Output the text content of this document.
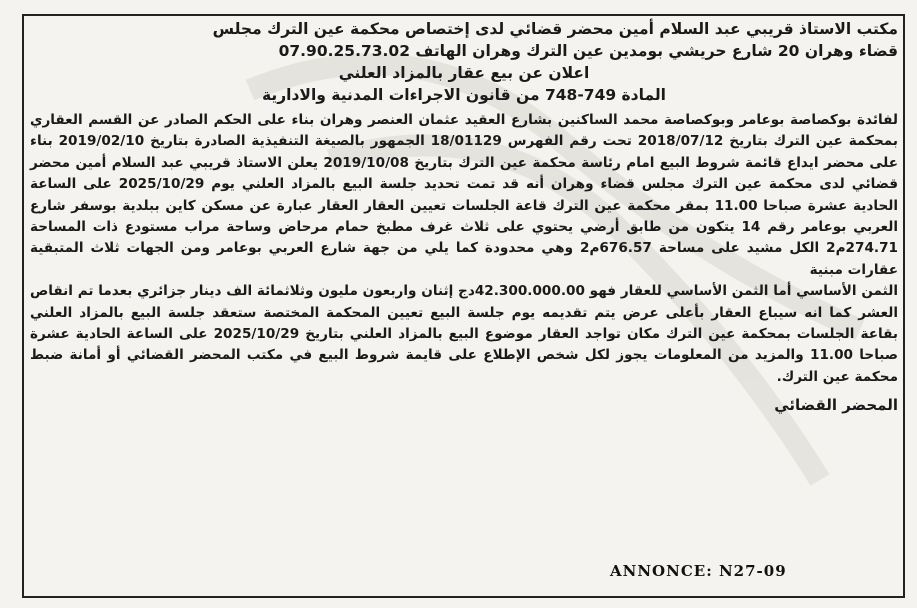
مكتب الاستاذ قريبي عبد السلام أمين محضر قضائي لدى إختصاص محكمة عين الترك مجلس
قضاء وهران 20 شارع حريشي بومدين عين الترك وهران الهاتف 07.90.25.73.02
اعلان عن بيع عقار بالمزاد العلني
المادة 749-748 من قانون الاجراءات المدنية والادارية

لفائدة بوكصاصة بوعامر وبوكصاصة محمد الساكنين بشارع العقيد عثمان العنصر وهران بناء على الحكم الصادر عن القسم العقاري بمحكمة عين الترك بتاريخ 2018/07/12 تحت رقم الفهرس 18/01129 الجمهور بالصيغة التنفيذية الصادرة بتاريخ 2019/02/10 بناء على محضر ايداع قائمة شروط البيع امام رئاسة محكمة عين الترك بتاريخ 2019/10/08 يعلن الاستاذ قريبي عبد السلام أمين محضر قضائي لدى محكمة عين الترك مجلس قضاء وهران أنه قد تمت تحديد جلسة البيع بالمزاد العلني يوم 2025/10/29 على الساعة الحادية عشرة صباحا 11.00 بمقر محكمة عين الترك قاعة الجلسات تعيين العقار العقار عبارة عن مسكن كاين ببلدية بوسفر شارع العربي بوعامر رقم 14 يتكون من طابق أرضي يحتوي على ثلاث غرف مطبخ حمام مرحاض وساحة مراب مستودع ذات المساحة 274.71م2 الكل مشيد على مساحة 676.57م2 وهي محدودة كما يلي من جهة شارع العربي بوعامر ومن الجهات ثلاث المتبقية عقارات مبنية

الثمن الأساسي أما الثمن الأساسي للعقار فهو 42.300.000.00دج إثنان واربعون مليون وثلاثمائة الف دينار جزائري بعدما تم انقاص العشر كما انه سيباع العقار بأعلى عرض يتم تقديمه يوم جلسة البيع تعيين المحكمة المختصة ستعقد جلسة البيع بالمزاد العلني بقاعة الجلسات بمحكمة عين الترك مكان تواجد العقار موضوع البيع بالمزاد العلني بتاريخ 2025/10/29 على الساعة الحادية عشرة صباحا 11.00 والمزيد من المعلومات يجوز لكل شخص الإطلاع على قايمة شروط البيع في مكتب المحضر القضائي أو أمانة ضبط محكمة عين الترك.

المحضر القضائي
ANNONCE: N27-09
